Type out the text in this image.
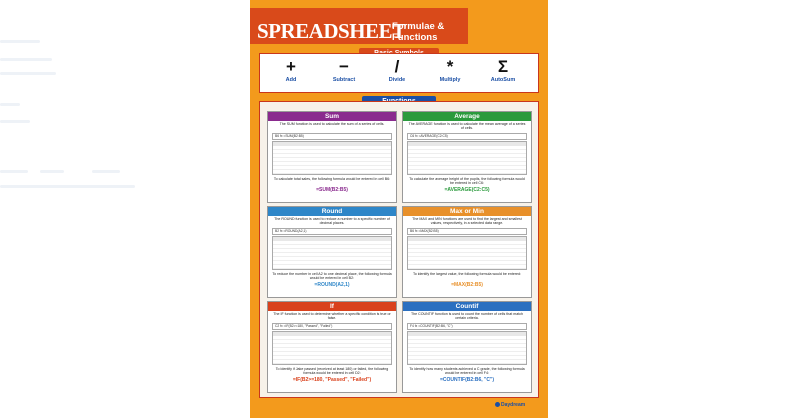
SPREADSHEET
Formulae & Functions
+
Add
−
Subtract
/
Divide
*
Multiply
Σ
AutoSum
Sum
The SUM function is used to calculate the sum of a series of cells.
B6 fx =SUM(B2:B5)
To calculate total sales, the following formula would be entered in cell B6:
=SUM(B2:B5)
Average
The AVERAGE function is used to calculate the mean average of a series of cells.
C6 fx =AVERAGE(C2:C5)
To calculate the average height of the pupils, the following formula would be entered in cell C6:
=AVERAGE(C2:C5)
Round
The ROUND function is used to reduce a number to a specific number of decimal places.
B2 fx =ROUND(A2,1)
To reduce the number in cell A2 to one decimal place, the following formula would be entered in cell B2:
=ROUND(A2,1)
Max or Min
The MAX and MIN functions are used to find the largest and smallest values, respectively, in a selected data range.
B6 fx =MAX(B2:B5)
To identify the largest value, the following formula would be entered:
=MAX(B2:B5)
If
The IF function is used to determine whether a specific condition is true or false.
C2 fx =IF(B2>=180, "Passed", "Failed")
To identify if Jake passed (received at least 180) or failed, the following formula would be entered in cell D2:
=IF(B2>=180, "Passed", "Failed")
Countif
The COUNTIF function is used to count the number of cells that match certain criteria.
F4 fx =COUNTIF(B2:B6, "C")
To identify how many students achieved a C grade, the following formula would be entered in cell F4:
=COUNTIF(B2:B6, "C")
Daydream
